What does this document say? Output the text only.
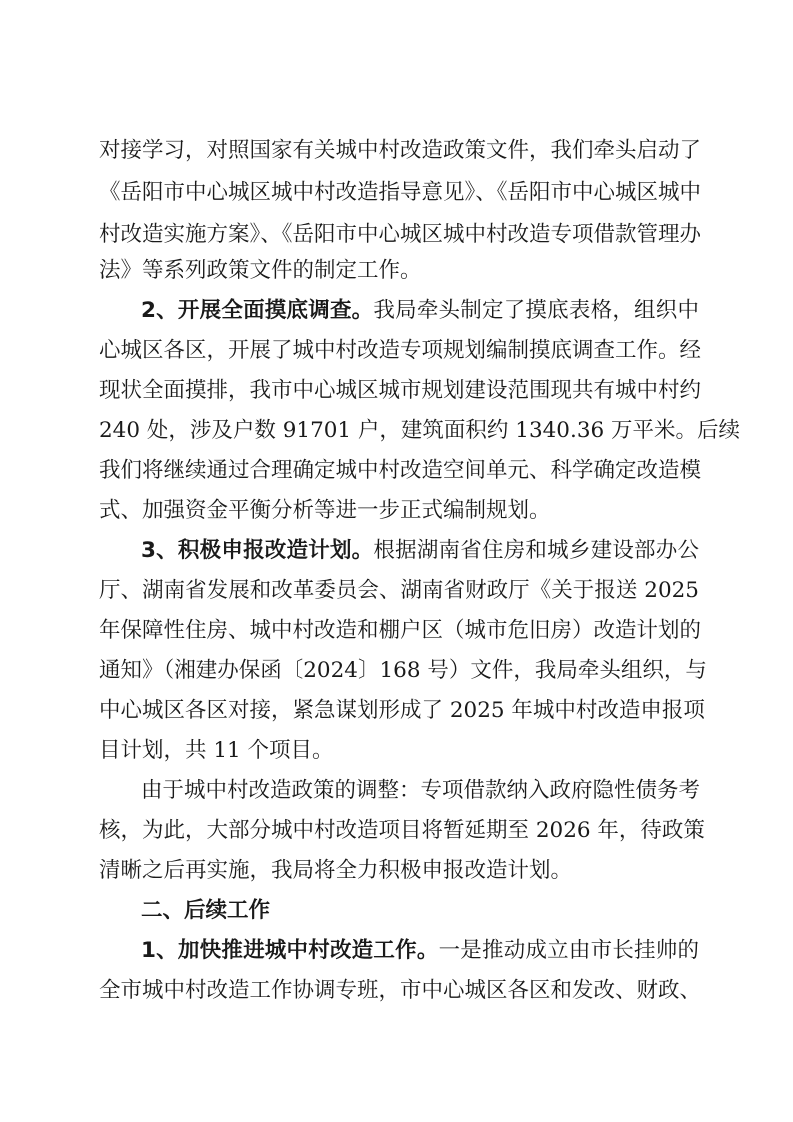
对接学习，对照国家有关城中村改造政策文件，我们牵头启动了
《岳阳市中心城区城中村改造指导意见》、《岳阳市中心城区城中
村改造实施方案》、《岳阳市中心城区城中村改造专项借款管理办
法》等系列政策文件的制定工作。
2、开展全面摸底调查。我局牵头制定了摸底表格，组织中
心城区各区，开展了城中村改造专项规划编制摸底调查工作。经
现状全面摸排，我市中心城区城市规划建设范围现共有城中村约
240 处，涉及户数 91701 户，建筑面积约 1340.36 万平米。后续
我们将继续通过合理确定城中村改造空间单元、科学确定改造模
式、加强资金平衡分析等进一步正式编制规划。
3、积极申报改造计划。根据湖南省住房和城乡建设部办公
厅、湖南省发展和改革委员会、湖南省财政厅《关于报送 2025
年保障性住房、城中村改造和棚户区（城市危旧房）改造计划的
通知》（湘建办保函〔2024〕168 号）文件，我局牵头组织，与
中心城区各区对接，紧急谋划形成了 2025 年城中村改造申报项
目计划，共 11 个项目。
由于城中村改造政策的调整：专项借款纳入政府隐性债务考
核，为此，大部分城中村改造项目将暂延期至 2026 年，待政策
清晰之后再实施，我局将全力积极申报改造计划。
二、后续工作
1、加快推进城中村改造工作。一是推动成立由市长挂帅的
全市城中村改造工作协调专班，市中心城区各区和发改、财政、
